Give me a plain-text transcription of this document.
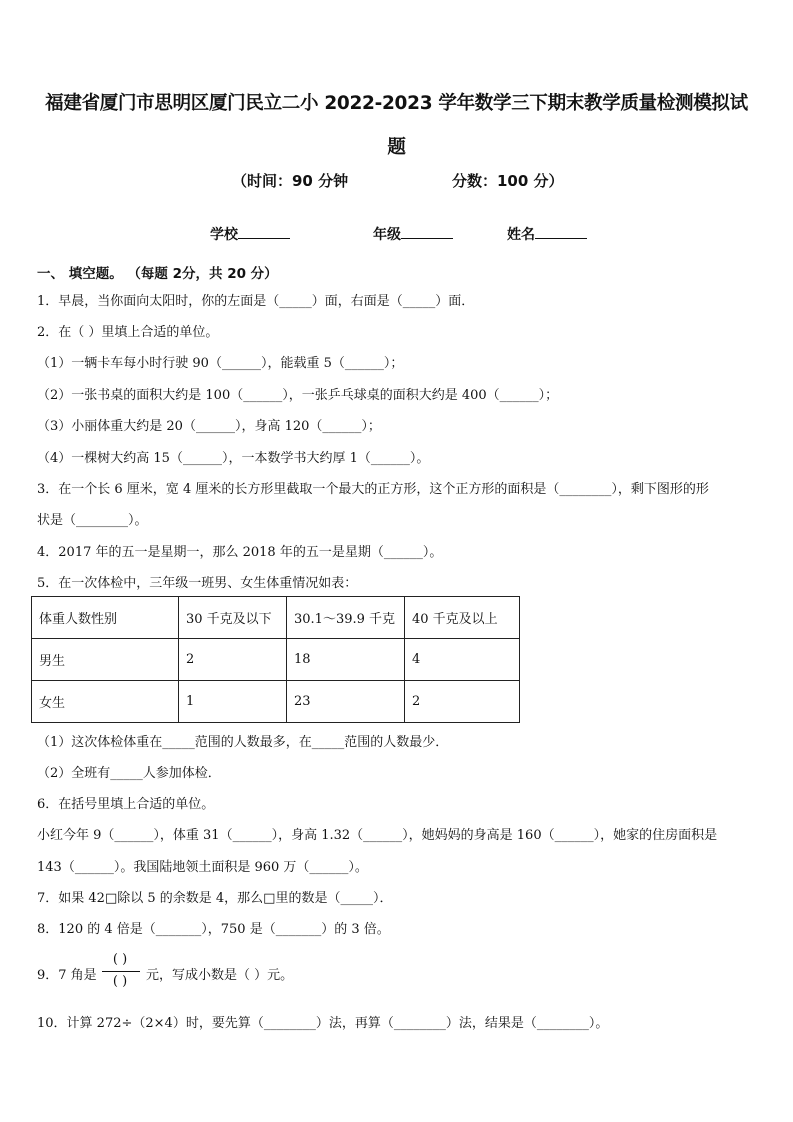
福建省厦门市思明区厦门民立二小 2022-2023 学年数学三下期末教学质量检测模拟试
题
（时间：90 分钟	分数：100 分）
学校	年级	姓名
一、 填空题。 （每题 2分，共 20 分）
1．早晨，当你面向太阳时，你的左面是（_____）面，右面是（_____）面．
2．在（ ）里填上合适的单位。
（1）一辆卡车每小时行驶 90（______），能载重 5（______）；
（2）一张书桌的面积大约是 100（______），一张乒乓球桌的面积大约是 400（______）；
（3）小丽体重大约是 20（______），身高 120（______）；
（4）一棵树大约高 15（______），一本数学书大约厚 1（______）。
3．在一个长 6 厘米，宽 4 厘米的长方形里截取一个最大的正方形，这个正方形的面积是（________），剩下图形的形
状是（________）。
4．2017 年的五一是星期一，那么 2018 年的五一是星期（______）。
5．在一次体检中，三年级一班男、女生体重情况如表：
体重人数性别	30 千克及以下	30.1～39.9 千克	40 千克及以上
男生	2	18	4
女生	1	23	2
（1）这次体检体重在_____范围的人数最多，在_____范围的人数最少．
（2）全班有_____人参加体检．
6．在括号里填上合适的单位。
小红今年 9（______），体重 31（______），身高 1.32（______），她妈妈的身高是 160（______），她家的住房面积是
143（______）。我国陆地领土面积是 960 万（______）。
7．如果 42□除以 5 的余数是 4，那么□里的数是（_____）．
8．120 的 4 倍是（_______），750 是（_______）的 3 倍。
9．7 角是
( )
( )	元，写成小数是（ ）元。
10．计算 272÷（2×4）时，要先算（________）法，再算（________）法，结果是（________）。
